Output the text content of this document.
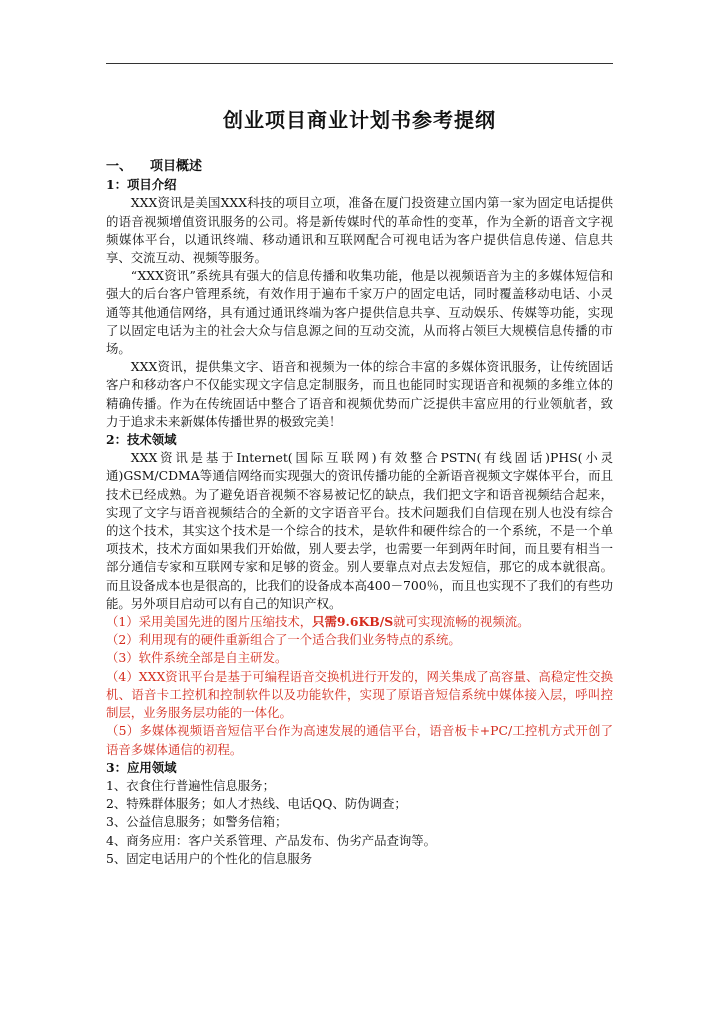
创业项目商业计划书参考提纲
一、 项目概述
1：项目介绍

XXX资讯是美国XXX科技的项目立项，准备在厦门投资建立国内第一家为固定电话提供的语音视频增值资讯服务的公司。将是新传媒时代的革命性的变革，作为全新的语音文字视频媒体平台，以通讯终端、移动通讯和互联网配合可视电话为客户提供信息传递、信息共享、交流互动、视频等服务。

“XXX资讯”系统具有强大的信息传播和收集功能，他是以视频语音为主的多媒体短信和强大的后台客户管理系统，有效作用于遍布千家万户的固定电话，同时覆盖移动电话、小灵通等其他通信网络，具有通过通讯终端为客户提供信息共享、互动娱乐、传媒等功能，实现了以固定电话为主的社会大众与信息源之间的互动交流，从而将占领巨大规模信息传播的市场。

XXX资讯，提供集文字、语音和视频为一体的综合丰富的多媒体资讯服务，让传统固话客户和移动客户不仅能实现文字信息定制服务，而且也能同时实现语音和视频的多维立体的精确传播。作为在传统固话中整合了语音和视频优势而广泛提供丰富应用的行业领航者，致力于追求未来新媒体传播世界的极致完美！

2：技术领域

XXX资讯是基于Internet(国际互联网)有效整合PSTN(有线固话)PHS(小灵通)GSM/CDMA等通信网络而实现强大的资讯传播功能的全新语音视频文字媒体平台，而且技术已经成熟。为了避免语音视频不容易被记忆的缺点，我们把文字和语音视频结合起来，实现了文字与语音视频结合的全新的文字语音平台。技术问题我们自信现在别人也没有综合的这个技术，其实这个技术是一个综合的技术，是软件和硬件综合的一个系统，不是一个单项技术，技术方面如果我们开始做，别人要去学，也需要一年到两年时间，而且要有相当一部分通信专家和互联网专家和足够的资金。别人要靠点对点去发短信，那它的成本就很高。而且设备成本也是很高的，比我们的设备成本高400－700％，而且也实现不了我们的有些功能。另外项目启动可以有自己的知识产权。

（1）采用美国先进的图片压缩技术，只需9.6KB/S就可实现流畅的视频流。

（2）利用现有的硬件重新组合了一个适合我们业务特点的系统。

（3）软件系统全部是自主研发。

（4）XXX资讯平台是基于可编程语音交换机进行开发的，网关集成了高容量、高稳定性交换机、语音卡工控机和控制软件以及功能软件，实现了原语音短信系统中媒体接入层，呼叫控制层，业务服务层功能的一体化。

（5）多媒体视频语音短信平台作为高速发展的通信平台，语音板卡+PC/工控机方式开创了语音多媒体通信的初程。

3：应用领域

1、衣食住行普遍性信息服务；

2、特殊群体服务；如人才热线、电话QQ、防伪调查；

3、公益信息服务；如警务信箱；

4、商务应用：客户关系管理、产品发布、伪劣产品查询等。

5、固定电话用户的个性化的信息服务
